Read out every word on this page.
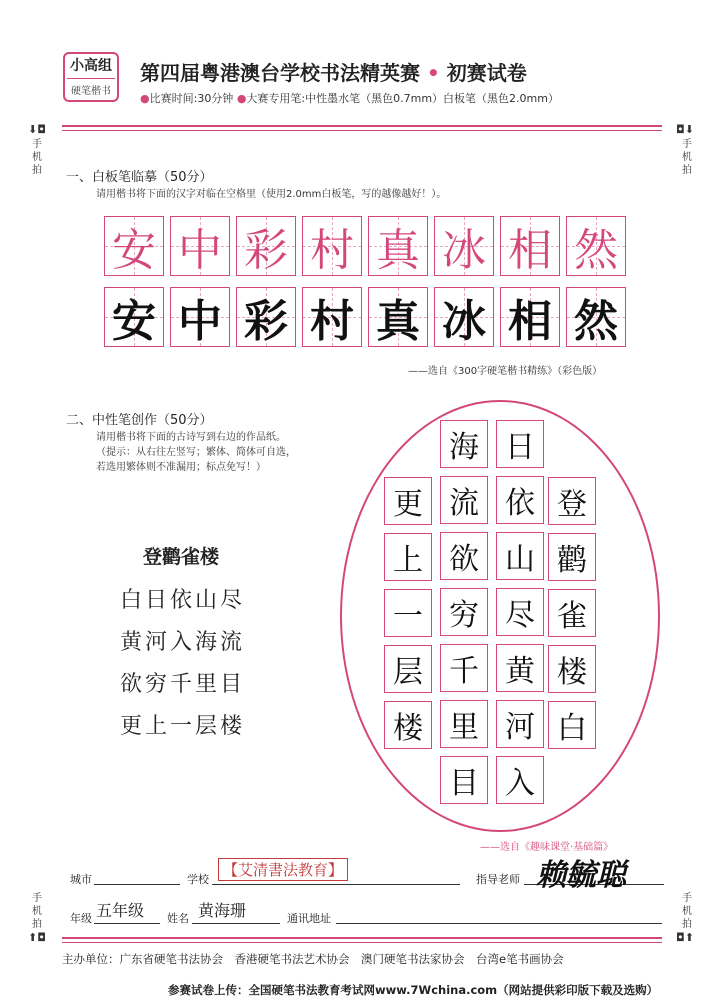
小高组
硬笔楷书
第四届粤港澳台学校书法精英赛 • 初赛试卷
●比赛时间:30分钟 ●大赛专用笔:中性墨水笔（黑色0.7mm）白板笔（黑色2.0mm）
⬇◘
手机拍
◘⬇
手机拍
一、白板笔临摹（50分）
请用楷书将下面的汉字对临在空格里（使用2.0mm白板笔，写的越像越好！）。
安 中 彩 村 真 冰 相 然
安 中 彩 村 真 冰 相 然
——选自《300字硬笔楷书精练》（彩色版）
二、中性笔创作（50分）
请用楷书将下面的古诗写到右边的作品纸。
（提示：从右往左竖写；繁体、简体可自选，
若选用繁体则不准漏用；标点免写！）
登鹳雀楼
白日依山尽
黄河入海流
欲穷千里目
更上一层楼
登
鹳
雀
楼
白
日
依
山
尽
黄
河
入
海
流
欲
穷
千
里
目
更
上
一
层
楼
——选自《趣味课堂·基础篇》
城市	学校
【艾清書法教育】
指导老师 赖毓聪
年级 五年级 姓名 黄海珊	通讯地址
手机拍
⬆◘
手机拍
◘⬆
主办单位：广东省硬笔书法协会　香港硬笔书法艺术协会　澳门硬笔书法家协会　台湾e笔书画协会
参赛试卷上传：全国硬笔书法教育考试网www.7Wchina.com（网站提供彩印版下载及选购）
